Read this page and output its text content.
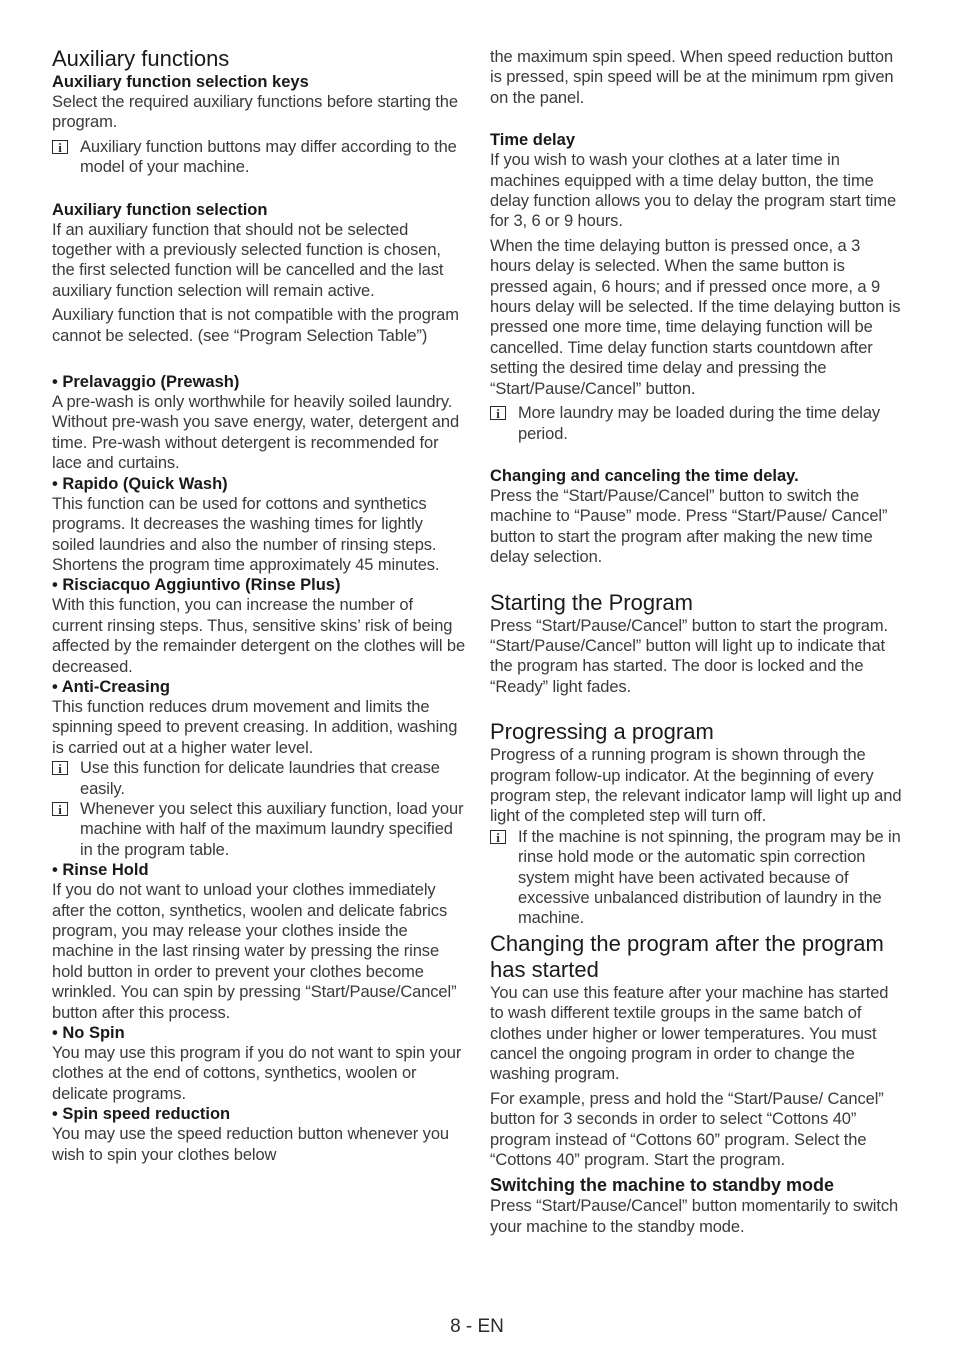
Auxiliary functions
Auxiliary function selection keys

Select the required auxiliary functions before starting the program.

i
Auxiliary function buttons may differ according to the model of your machine.
Auxiliary function selection

If an auxiliary function that should not be selected together with a previously selected function is chosen, the first selected function will be cancelled and the last auxiliary function selection will remain active.

Auxiliary function that is not compatible with the program cannot be selected. (see “Program Selection Table”)

• Prelavaggio (Prewash)

A pre-wash is only worthwhile for heavily soiled laundry. Without pre-wash you save energy, water, detergent and time. Pre-wash without detergent is recommended for lace and curtains.

• Rapido (Quick Wash)

This function can be used for cottons and synthetics programs. It decreases the washing times for lightly soiled laundries and also the number of rinsing steps. Shortens the program time approximately 45 minutes.

• Risciacquo Aggiuntivo (Rinse Plus)

With this function, you can increase the number of current rinsing steps. Thus, sensitive skins’ risk of being affected by the remainder detergent on the clothes will be decreased.

• Anti-Creasing

This function reduces drum movement and limits the spinning speed to prevent creasing. In addition, washing is carried out at a higher water level.

i
Use this function for delicate laundries that crease easily.
i
Whenever you select this auxiliary function, load your machine with half of the maximum laundry specified in the program table.
• Rinse Hold

If you do not want to unload your clothes immediately after the cotton, synthetics, woolen and delicate fabrics program, you may release your clothes inside the machine in the last rinsing water by pressing the rinse hold button in order to prevent your clothes become wrinkled. You can spin by pressing “Start/Pause/Cancel” button after this process.

• No Spin

You may use this program if you do not want to spin your clothes at the end of cottons, synthetics, woolen or delicate programs.

• Spin speed reduction

You may use the speed reduction button whenever you wish to spin your clothes below

the maximum spin speed. When speed reduction button is pressed, spin speed will be at the minimum rpm given on the panel.

Time delay

If you wish to wash your clothes at a later time in machines equipped with a time delay button, the time delay function allows you to delay the program start time for 3, 6 or 9 hours.

When the time delaying button is pressed once, a 3 hours delay is selected. When the same button is pressed again, 6 hours; and if pressed once more, a 9 hours delay will be selected. If the time delaying button is pressed one more time, time delaying function will be cancelled. Time delay function starts countdown after setting the desired time delay and pressing the “Start/Pause/Cancel” button.

i
More laundry may be loaded during the time delay period.
Changing and canceling the time delay.

Press the “Start/Pause/Cancel” button to switch the machine to “Pause” mode. Press “Start/Pause/ Cancel” button to start the program after making the new time delay selection.

Starting the Program

Press “Start/Pause/Cancel” button to start the program. “Start/Pause/Cancel” button will light up to indicate that the program has started. The door is locked and the “Ready” light fades.

Progressing a program

Progress of a running program is shown through the program follow-up indicator. At the beginning of every program step, the relevant indicator lamp will light up and light of the completed step will turn off.

i
If the machine is not spinning, the program may be in rinse hold mode or the automatic spin correction system might have been activated because of excessive unbalanced distribution of laundry in the machine.
Changing the program after the program has started

You can use this feature after your machine has started to wash different textile groups in the same batch of clothes under higher or lower temperatures. You must cancel the ongoing program in order to change the washing program.

For example, press and hold the “Start/Pause/ Cancel” button for 3 seconds in order to select “Cottons 40” program instead of “Cottons 60” program. Select the “Cottons 40” program. Start the program.

Switching the machine to standby mode

Press “Start/Pause/Cancel” button momentarily to switch your machine to the standby mode.

8 - EN
